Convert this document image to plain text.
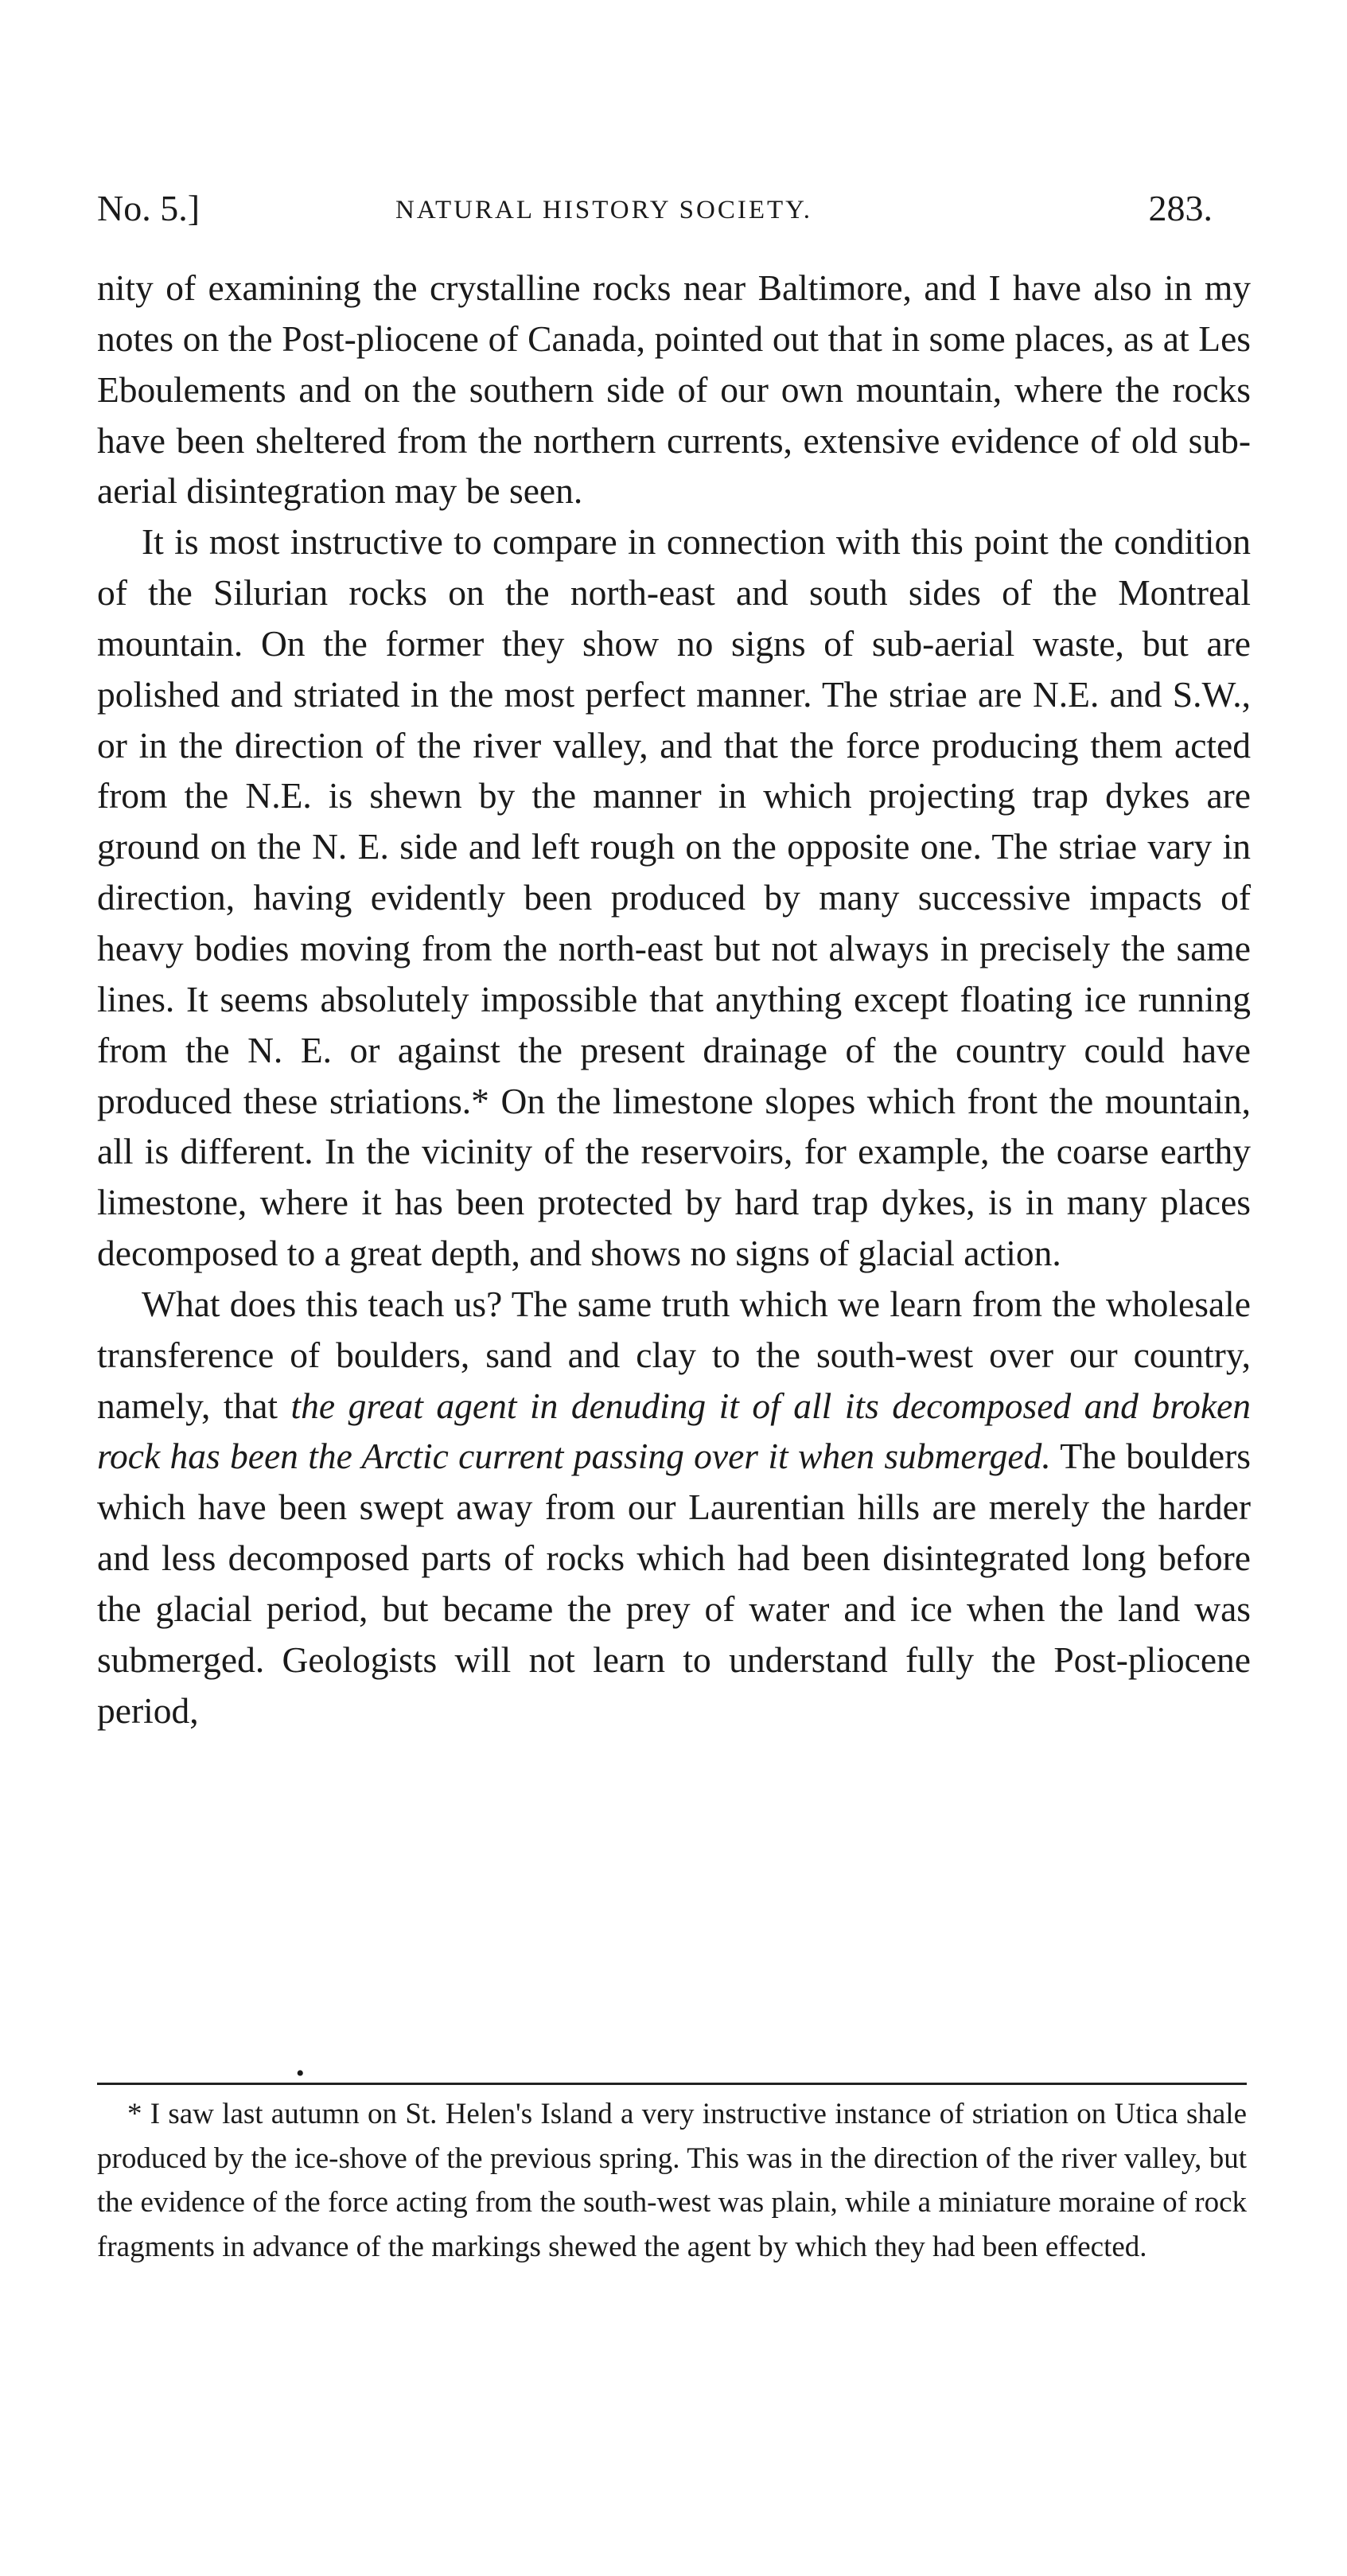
No. 5.]	NATURAL HISTORY SOCIETY.	283.

nity of examining the crystalline rocks near Baltimore, and I have also in my notes on the Post-pliocene of Canada, pointed out that in some places, as at Les Eboulements and on the southern side of our own mountain, where the rocks have been sheltered from the northern currents, extensive evidence of old sub-aerial disintegration may be seen.

It is most instructive to compare in connection with this point the condition of the Silurian rocks on the north-east and south sides of the Montreal mountain. On the former they show no signs of sub-aerial waste, but are polished and striated in the most perfect manner. The striae are N.E. and S.W., or in the direction of the river valley, and that the force producing them acted from the N.E. is shewn by the manner in which projecting trap dykes are ground on the N. E. side and left rough on the opposite one. The striae vary in direction, having evidently been produced by many successive impacts of heavy bodies moving from the north-east but not always in precisely the same lines. It seems absolutely impossible that anything except floating ice running from the N. E. or against the present drainage of the country could have produced these striations.* On the limestone slopes which front the mountain, all is different. In the vicinity of the reservoirs, for example, the coarse earthy limestone, where it has been protected by hard trap dykes, is in many places decomposed to a great depth, and shows no signs of glacial action.

What does this teach us? The same truth which we learn from the wholesale transference of boulders, sand and clay to the south-west over our country, namely, that the great agent in denuding it of all its decomposed and broken rock has been the Arctic current passing over it when submerged. The boulders which have been swept away from our Laurentian hills are merely the harder and less decomposed parts of rocks which had been disintegrated long before the glacial period, but became the prey of water and ice when the land was submerged. Geologists will not learn to understand fully the Post-pliocene period,

•
* I saw last autumn on St. Helen's Island a very instructive instance of striation on Utica shale produced by the ice-shove of the previous spring. This was in the direction of the river valley, but the evidence of the force acting from the south-west was plain, while a miniature moraine of rock fragments in advance of the markings shewed the agent by which they had been effected.
